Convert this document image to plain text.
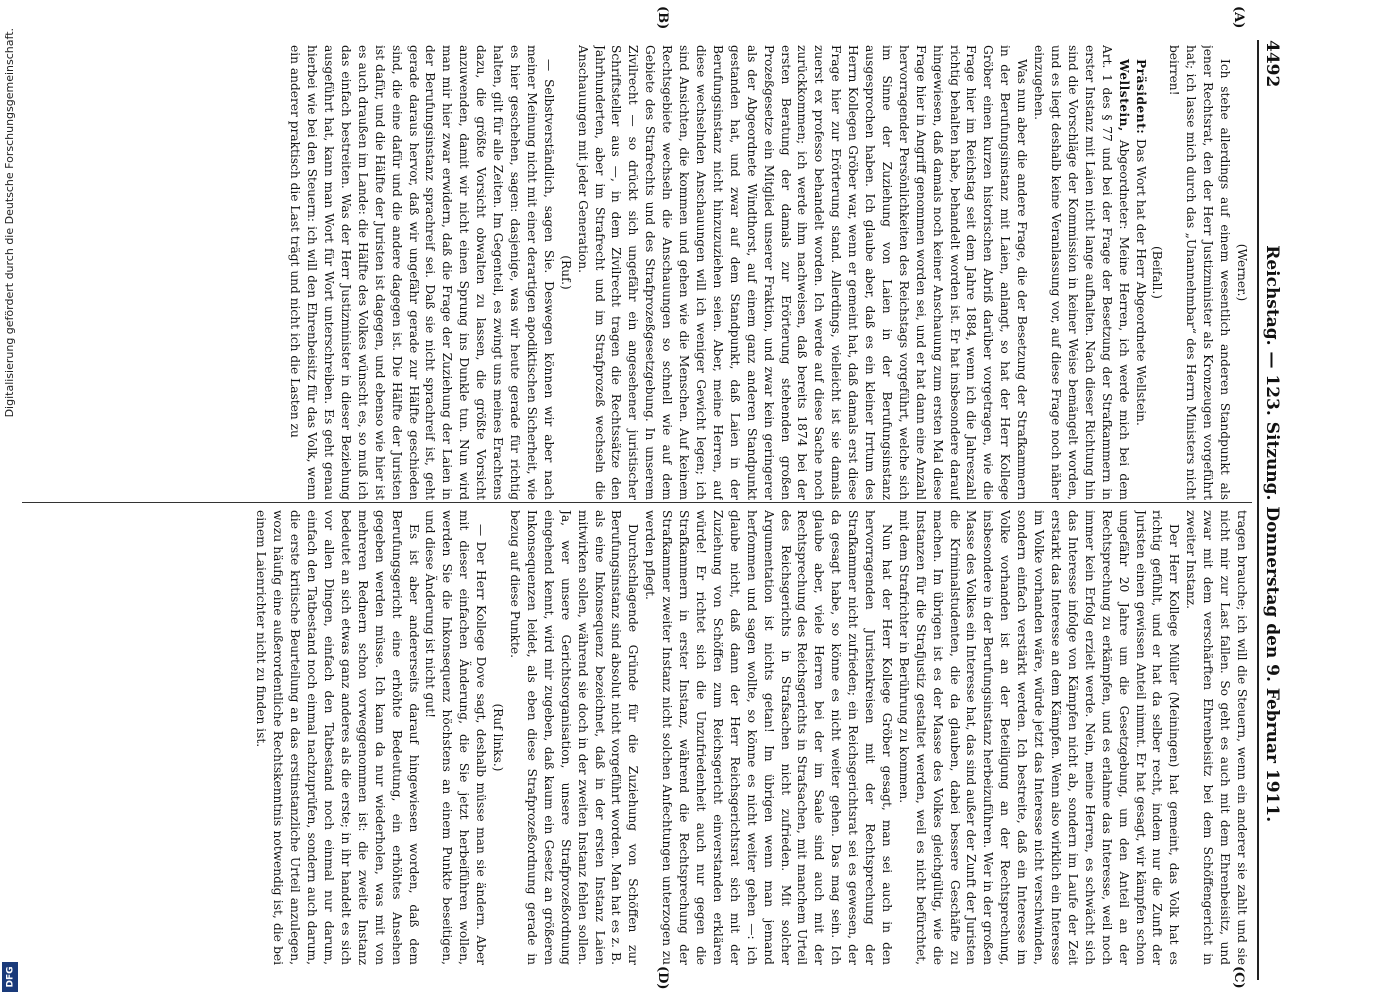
4492
Reichstag. — 123. Sitzung. Donnerstag den 9. Februar 1911.
(A)
(B)
(C)
(D)

(Werner.)

Ich stehe allerdings auf einem wesentlich anderen Standpunkt als jener Rechtsrat, den der Herr Justizminister als Kronzeugen vorgeführt hat; ich lasse mich durch das „Unannehmbar“ des Herrn Ministers nicht beirren!

(Beifall.)

Präsident: Das Wort hat der Herr Abgeordnete Wellstein.

Wellstein, Abgeordneter: Meine Herren, ich werde mich bei dem Art. 1 des § 77 und bei der Frage der Besetzung der Strafkammern in erster Instanz mit Laien nicht lange aufhalten. Nach dieser Richtung hin sind die Vorschläge der Kommission in keiner Weise bemängelt worden, und es liegt deshalb keine Veranlassung vor, auf diese Frage noch näher einzugehen.

Was nun aber die andere Frage, die der Besetzung der Strafkammern in der Berufungsinstanz mit Laien, anlangt, so hat der Herr Kollege Gröber einen kurzen historischen Abriß darüber vorgetragen, wie die Frage hier im Reichstag seit dem Jahre 1884, wenn ich die Jahreszahl richtig behalten habe, behandelt worden ist. Er hat insbesondere darauf hingewiesen, daß damals noch keiner Anschauung zum ersten Mal diese Frage hier in Angriff genommen worden sei, und er hat dann eine Anzahl hervorragender Persönlichkeiten des Reichstags vorgeführt, welche sich im Sinne der Zuziehung von Laien in der Berufungsinstanz ausgesprochen haben. Ich glaube aber, daß es ein kleiner Irrtum des Herrn Kollegen Gröber war, wenn er gemeint hat, daß damals erst diese Frage hier zur Erörterung stand. Allerdings, vielleicht ist sie damals zuerst ex professo behandelt worden. Ich werde auf diese Sache noch zurückkommen; ich werde ihm nachweisen, daß bereits 1874 bei der ersten Beratung der damals zur Erörterung stehenden großen Prozeßgesetze ein Mitglied unserer Fraktion, und zwar kein geringerer als der Abgeordnete Windthorst, auf einem ganz anderen Standpunkt gestanden hat, und zwar auf dem Standpunkt, daß Laien in der Berufungsinstanz nicht hinzuzuziehen seien. Aber, meine Herren, auf diese wechselnden Anschauungen will ich weniger Gewicht legen; ich sind Ansichten, die kommen und gehen wie die Menschen. Auf keinem Rechtsgebiete wechseln die Anschauungen so schnell wie auf dem Gebiete des Strafrechts und des Strafprozeßgesetzgebung. In unserem Zivilrecht — so drückt sich ungefähr ein angesehener juristischer Schriftsteller aus —, in dem Zivilrecht tragen die Rechtssätze den Jahrhunderten, aber im Strafrecht und im Strafprozeß wechseln die Anschauungen mit jeder Generation.

(Ruf.)

— Selbstverständlich, sagen Sie. Deswegen können wir aber nach meiner Meinung nicht mit einer derartigen apodiktischen Sicherheit, wie es hier geschehen, sagen: dasjenige, was wir heute gerade für richtig halten, gilt für alle Zeiten. Im Gegenteil, es zwingt uns meines Erachtens dazu, die größte Vorsicht obwalten zu lassen, die größte Vorsicht anzuwenden, damit wir nicht einen Sprung ins Dunkle tun. Nun wird man mir hier zwar erwidern, daß die Frage der Zuziehung der Laien in der Berufungsinstanz sprachreif sei. Daß sie nicht sprachreif ist, geht gerade daraus hervor, daß wir ungefähr gerade zur Hälfte geschieden sind, die eine dafür und die andere dagegen ist. Die Hälfte der Juristen ist dafür, und die Hälfte der Juristen ist dagegen, und ebenso wie hier ist es auch draußen im Lande: die Hälfte des Volkes wünscht es, so muß ich das einfach bestreiten. Was der Herr Justizminister in dieser Beziehung ausgeführt hat, kann man Wort für Wort unterschreiben. Es geht genau hierbei wie bei den Steuern: ich will den Ehrenbeisitz für das Volk, wenn ein anderer praktisch die Last trägt und nicht ich die Lasten zu

tragen brauche; ich will die Steuern, wenn ein anderer sie zahlt und sie nicht mir zur Last fallen. So geht es auch mit dem Ehrenbeisitz, und zwar mit dem verschärften Ehrenbeisitz bei dem Schöffengericht in zweiter Instanz.

Der Herr Kollege Müller (Meiningen) hat gemeint, das Volk hat es richtig gefühlt, und er hat da selber recht, indem nur die Zunft der Juristen einen gewissen Anteil nimmt. Er hat gesagt, wir kämpfen schon ungefähr 20 Jahre um die Gesetzgebung, um den Anteil an der Rechtsprechung zu erkämpfen, und es erlahme das Interesse, weil noch immer kein Erfolg erzielt werde. Nein, meine Herren, es schwächt sich das Interesse infolge von Kämpfen nicht ab, sondern im Laufe der Zeit erstarkt das Interesse an dem Kämpfen. Wenn also wirklich ein Interesse im Volke vorhanden wäre, würde jetzt das Interesse nicht verschwinden, sondern einfach verstärkt werden. Ich bestreite, daß ein Interesse im Volke vorhanden ist an der Beteiligung an der Rechtsprechung, insbesondere in der Berufungsinstanz herbeizuführen. Wer in der großen Masse des Volkes ein Interesse hat, das sind außer der Zunft der Juristen die Kriminalstudenten, die da glauben, dabei bessere Geschäfte zu machen. Im übrigen ist es der Masse des Volkes gleichgültig, wie die Instanzen für die Strafjustiz gestaltet werden, weil es nicht befürchtet, mit dem Strafrichter in Berührung zu kommen.

Nun hat der Herr Kollege Gröber gesagt, man sei auch in den hervorragenden Juristenkreisen mit der Rechtsprechung der Strafkammer nicht zufrieden; ein Reichsgerichtsrat sei es gewesen, der da gesagt habe, so könne es nicht weiter gehen. Das mag sein. Ich glaube aber, viele Herren bei der im Saale sind auch mit der Rechtsprechung des Reichsgerichts in Strafsachen, mit manchem Urteil des Reichsgerichts in Strafsachen nicht zufrieden. Mit solcher Argumentation ist nichts getan! Im übrigen wenn man jemand herfommen und sagen wollte, so könne es nicht weiter gehen —: ich glaube nicht, daß dann der Herr Reichsgerichtsrat sich mit der Zuziehung von Schöffen zum Reichsgericht einverstanden erklären würde! Er richtet sich die Unzufriedenheit auch nur gegen die Strafkammern in erster Instanz, während die Rechtsprechung der Strafkammer zweiter Instanz nicht solchen Anfechtungen unterzogen zu werden pflegt.

Durchschlagende Gründe für die Zuziehung von Schöffen zur Berufungsinstanz sind absolut nicht vorgeführt worden. Man hat es z. B. als eine Inkonsequenz bezeichnet, daß in der ersten Instanz Laien mitwirken sollen, während sie doch in der zweiten Instanz fehlen sollen. Ja, wer unsere Gerichtsorganisation, unsere Strafprozeßordnung eingehend kennt, wird mir zugeben, daß kaum ein Gesetz an größeren Inkonsequenzen leidet, als eben diese Strafprozeßordnung gerade in bezug auf diese Punkte.

(Ruf links.)

— Der Herr Kollege Dove sagt, deshalb müsse man sie ändern. Aber mit dieser einfachen Änderung, die Sie jetzt herbeiführen wollen, werden Sie die Inkonsequenz höchstens an einem Punkte beseitigen, und diese Änderung ist nicht gut!

Es ist aber andererseits darauf hingewiesen worden, daß dem Berufungsgericht eine erhöhte Bedeutung, ein erhöhtes Ansehen gegeben werden müsse. Ich kann da nur wiederholen, was mit von mehreren Rednern schon vorweggenommen ist: die zweite Instanz bedeutet an sich etwas ganz anderes als die erste; in ihr handelt es sich vor allen Dingen, einfach den Tatbestand noch einmal nur darum, einfach den Tatbestand noch einmal nachzuprüfen, sondern auch darum, die erste kritische Beurteilung an das erstinstanzliche Urteil anzulegen, wozu häufig eine außerordentliche Rechtskenntnis notwendig ist, die bei einem Laienrichter nicht zu finden ist.

Digitalisierung gefördert durch die Deutsche Forschungsgemeinschaft.
DFG
